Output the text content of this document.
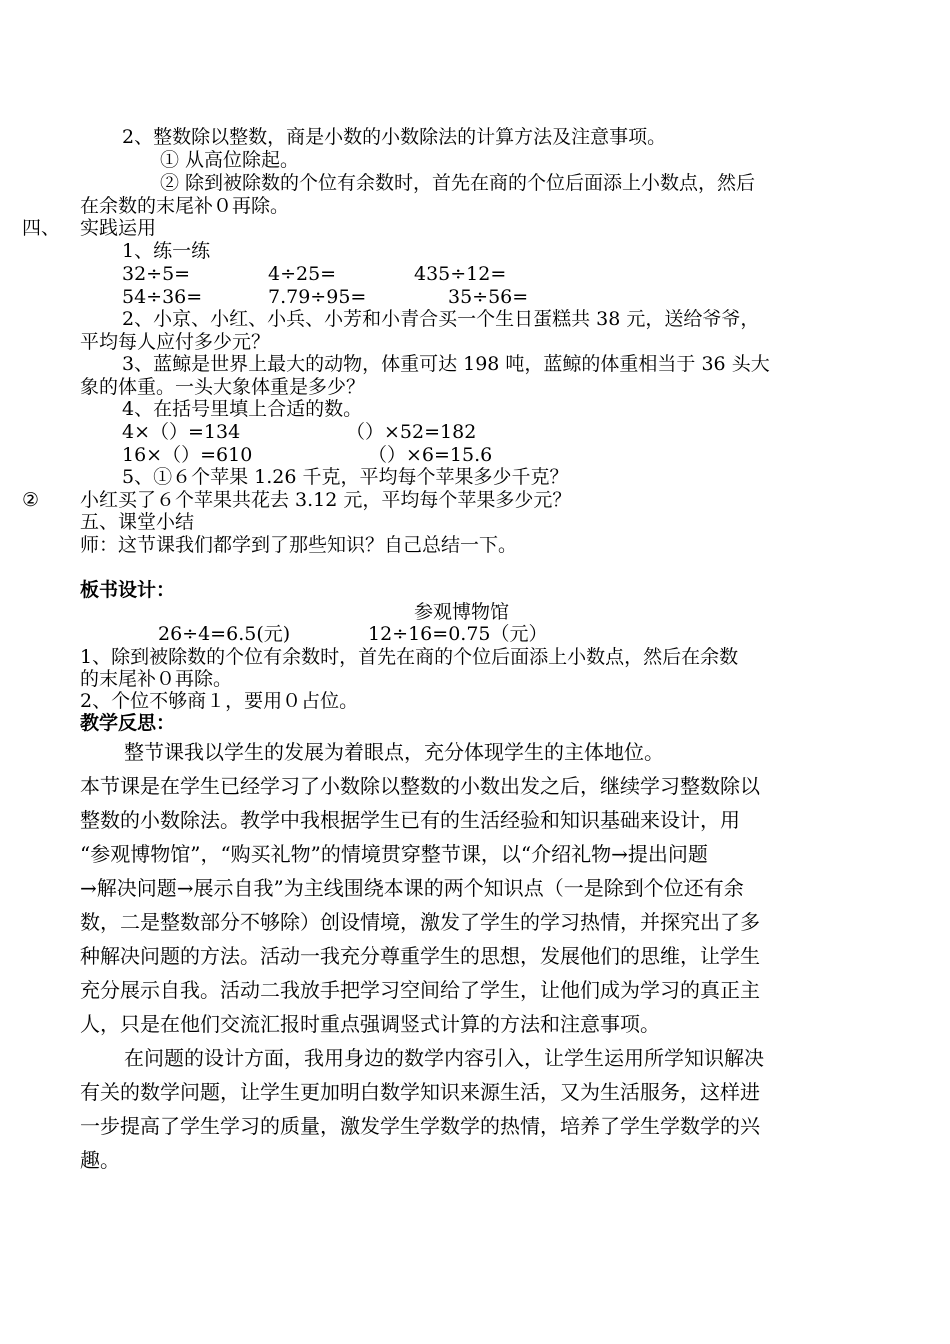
2、整数除以整数，商是小数的小数除法的计算方法及注意事项。
① 从高位除起。
② 除到被除数的个位有余数时，首先在商的个位后面添上小数点，然后
在余数的末尾补０再除。
四、 实践运用
1、练一练
32÷5=	4÷25=	435÷12=
54÷36=	7.79÷95=	35÷56=
2、小京、小红、小兵、小芳和小青合买一个生日蛋糕共 38 元，送给爷爷，
平均每人应付多少元？
3、蓝鲸是世界上最大的动物，体重可达 198 吨，蓝鲸的体重相当于 36 头大
象的体重。一头大象体重是多少？
4、在括号里填上合适的数。
4×（）=134	（）×52=182
16×（）=610	（）×6=15.6
5、①６个苹果 1.26 千克，平均每个苹果多少千克？
② 小红买了６个苹果共花去 3.12 元，平均每个苹果多少元？
五、课堂小结
师：这节课我们都学到了那些知识？自己总结一下。
板书设计：
参观博物馆
26÷4=6.5(元)	12÷16=0.75（元）
1、除到被除数的个位有余数时，首先在商的个位后面添上小数点，然后在余数
的末尾补０再除。
2、个位不够商１，要用０占位。
教学反思：
整节课我以学生的发展为着眼点，充分体现学生的主体地位。
本节课是在学生已经学习了小数除以整数的小数出发之后，继续学习整数除以
整数的小数除法。教学中我根据学生已有的生活经验和知识基础来设计，用
“参观博物馆”，“购买礼物”的情境贯穿整节课，以“介绍礼物→提出问题
→解决问题→展示自我”为主线围绕本课的两个知识点（一是除到个位还有余
数，二是整数部分不够除）创设情境，激发了学生的学习热情，并探究出了多
种解决问题的方法。活动一我充分尊重学生的思想，发展他们的思维，让学生
充分展示自我。活动二我放手把学习空间给了学生，让他们成为学习的真正主
人，只是在他们交流汇报时重点强调竖式计算的方法和注意事项。
在问题的设计方面，我用身边的数学内容引入，让学生运用所学知识解决
有关的数学问题，让学生更加明白数学知识来源生活，又为生活服务，这样进
一步提高了学生学习的质量，激发学生学数学的热情，培养了学生学数学的兴
趣。
